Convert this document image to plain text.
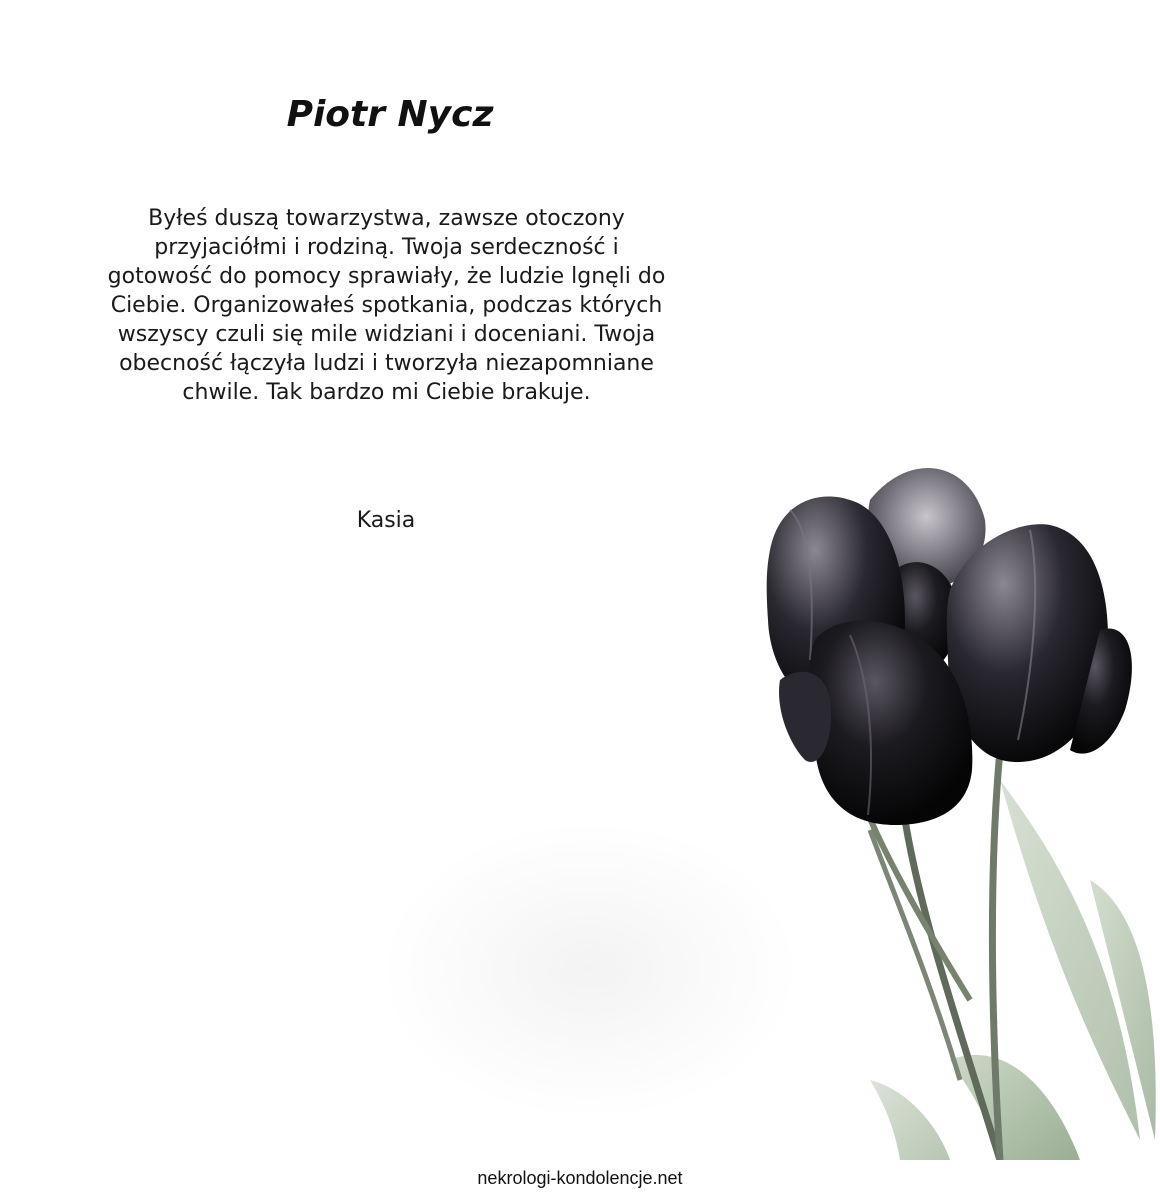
Piotr Nycz

Byłeś duszą towarzystwa, zawsze otoczony przyjaciółmi i rodziną. Twoja serdeczność i gotowość do pomocy sprawiały, że ludzie lgnęli do Ciebie. Organizowałeś spotkania, podczas których wszyscy czuli się mile widziani i doceniani. Twoja obecność łączyła ludzi i tworzyła niezapomniane chwile. Tak bardzo mi Ciebie brakuje.

Kasia

nekrologi-kondolencje.net
